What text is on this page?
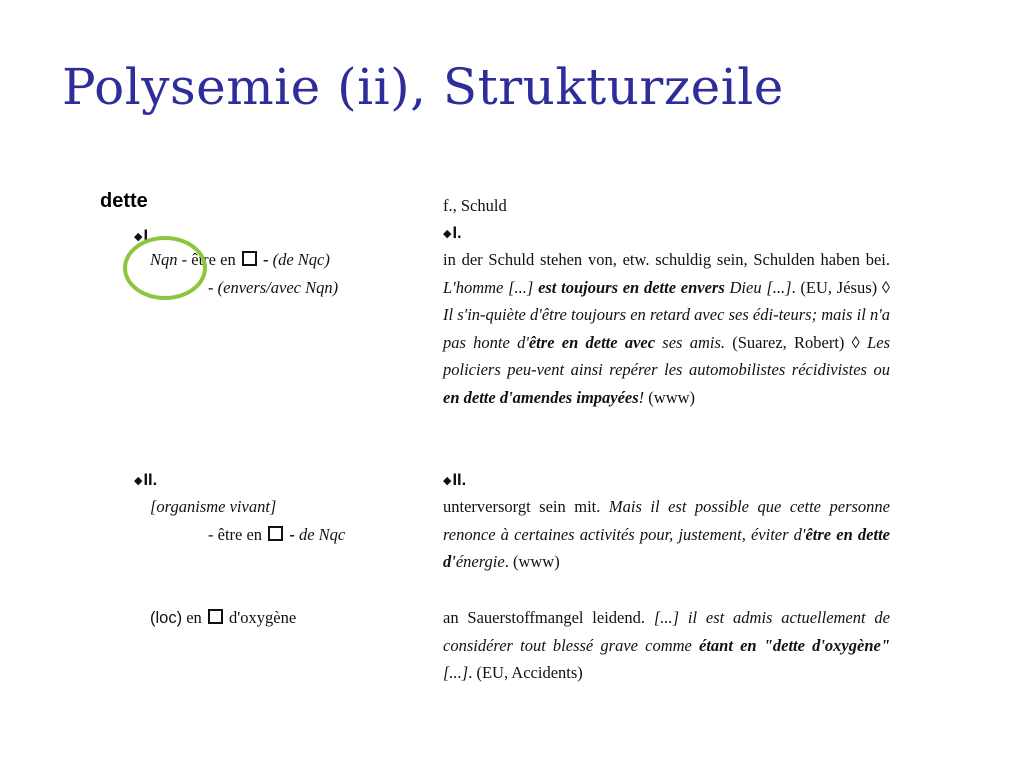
Polysemie (ii), Strukturzeile
dette
◆I.
Nqn - être en  - (de Nqc)
- (envers/avec Nqn)
◆II.
[organisme vivant]
- être en  - de Nqc
(loc) en  d'oxygène
f., Schuld
◆I.

in der Schuld stehen von, etw. schuldig sein, Schulden haben bei. L'homme [...] est toujours en dette envers Dieu [...]. (EU, Jésus) ◊ Il s'in-quiète d'être toujours en retard avec ses édi-teurs; mais il n'a pas honte d'être en dette avec ses amis. (Suarez, Robert) ◊ Les policiers peu-vent ainsi repérer les automobilistes récidivistes ou en dette d'amendes impayées! (www)

◆II.

unterversorgt sein mit. Mais il est possible que cette personne renonce à certaines activités pour, justement, éviter d'être en dette d'énergie. (www)

an Sauerstoffmangel leidend. [...] il est admis actuellement de considérer tout blessé grave comme étant en "dette d'oxygène" [...]. (EU, Accidents)
